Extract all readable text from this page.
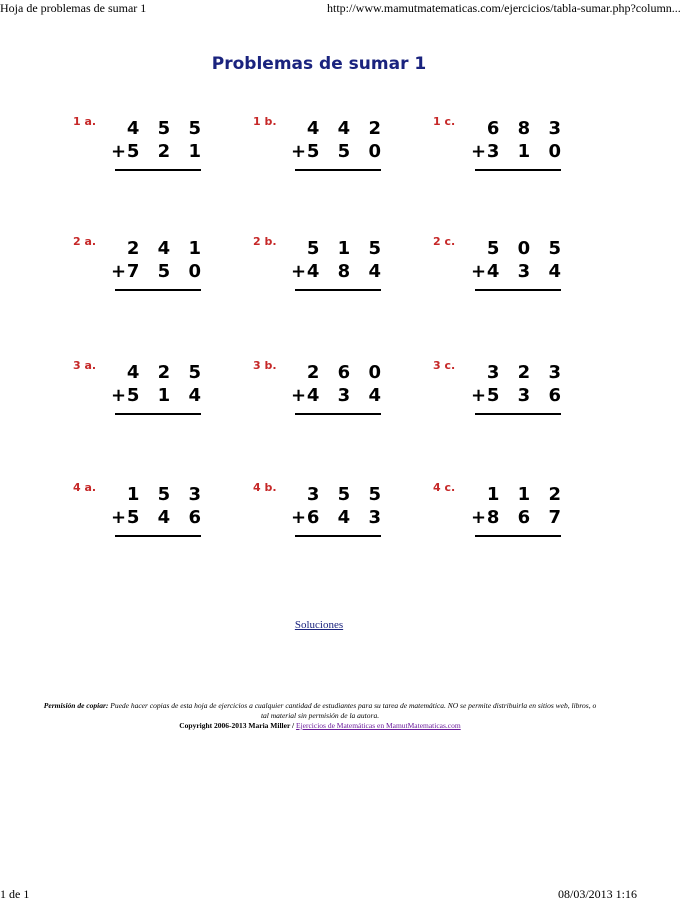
Hoja de problemas de sumar 1	http://www.mamutmatematicas.com/ejercicios/tabla-sumar.php?column...
Problemas de sumar 1
1 a. 4 5 5
+ 5 2 1
1 b. 4 4 2
+ 5 5 0
1 c. 6 8 3
+ 3 1 0
2 a. 2 4 1
+ 7 5 0
2 b. 5 1 5
+ 4 8 4
2 c. 5 0 5
+ 4 3 4
3 a. 4 2 5
+ 5 1 4
3 b. 2 6 0
+ 4 3 4
3 c. 3 2 3
+ 5 3 6
4 a. 1 5 3
+ 5 4 6
4 b. 3 5 5
+ 6 4 3
4 c. 1 1 2
+ 8 6 7
Soluciones
Permisión de copiar: Puede hacer copias de esta hoja de ejercicios a cualquier cantidad de estudiantes para su tarea de matemática. NO se permite distribuirla en sitios web, libros, o tal material sin permisión de la autora.
Copyright 2006-2013 Maria Miller / Ejercicios de Matemáticas en MamutMatematicas.com
1 de 1	08/03/2013 1:16
